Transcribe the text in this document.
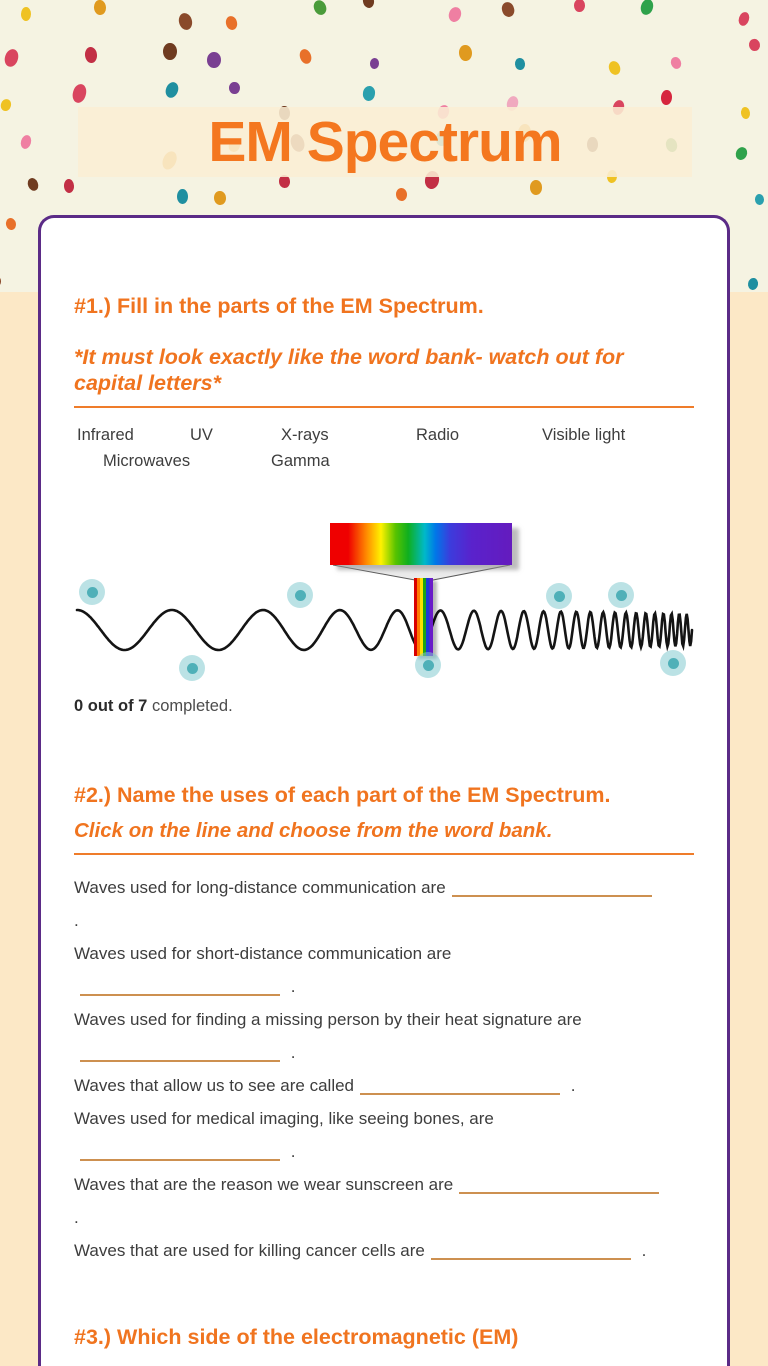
EM Spectrum
#1.) Fill in the parts of the EM Spectrum.

*It must look exactly like the word bank- watch out for capital letters*

Infrared	UV	X-rays	Radio	Visible light
Microwaves	Gamma

0 out of 7 completed.

#2.) Name the uses of each part of the EM Spectrum.

Click on the line and choose from the word bank.

Waves used for long-distance communication are
.

Waves used for short-distance communication are
.

Waves used for finding a missing person by their heat signature are
.

Waves that allow us to see are called	.

Waves used for medical imaging, like seeing bones, are
.

Waves that are the reason we wear sunscreen are
.

Waves that are used for killing cancer cells are	.

#3.) Which side of the electromagnetic (EM)
